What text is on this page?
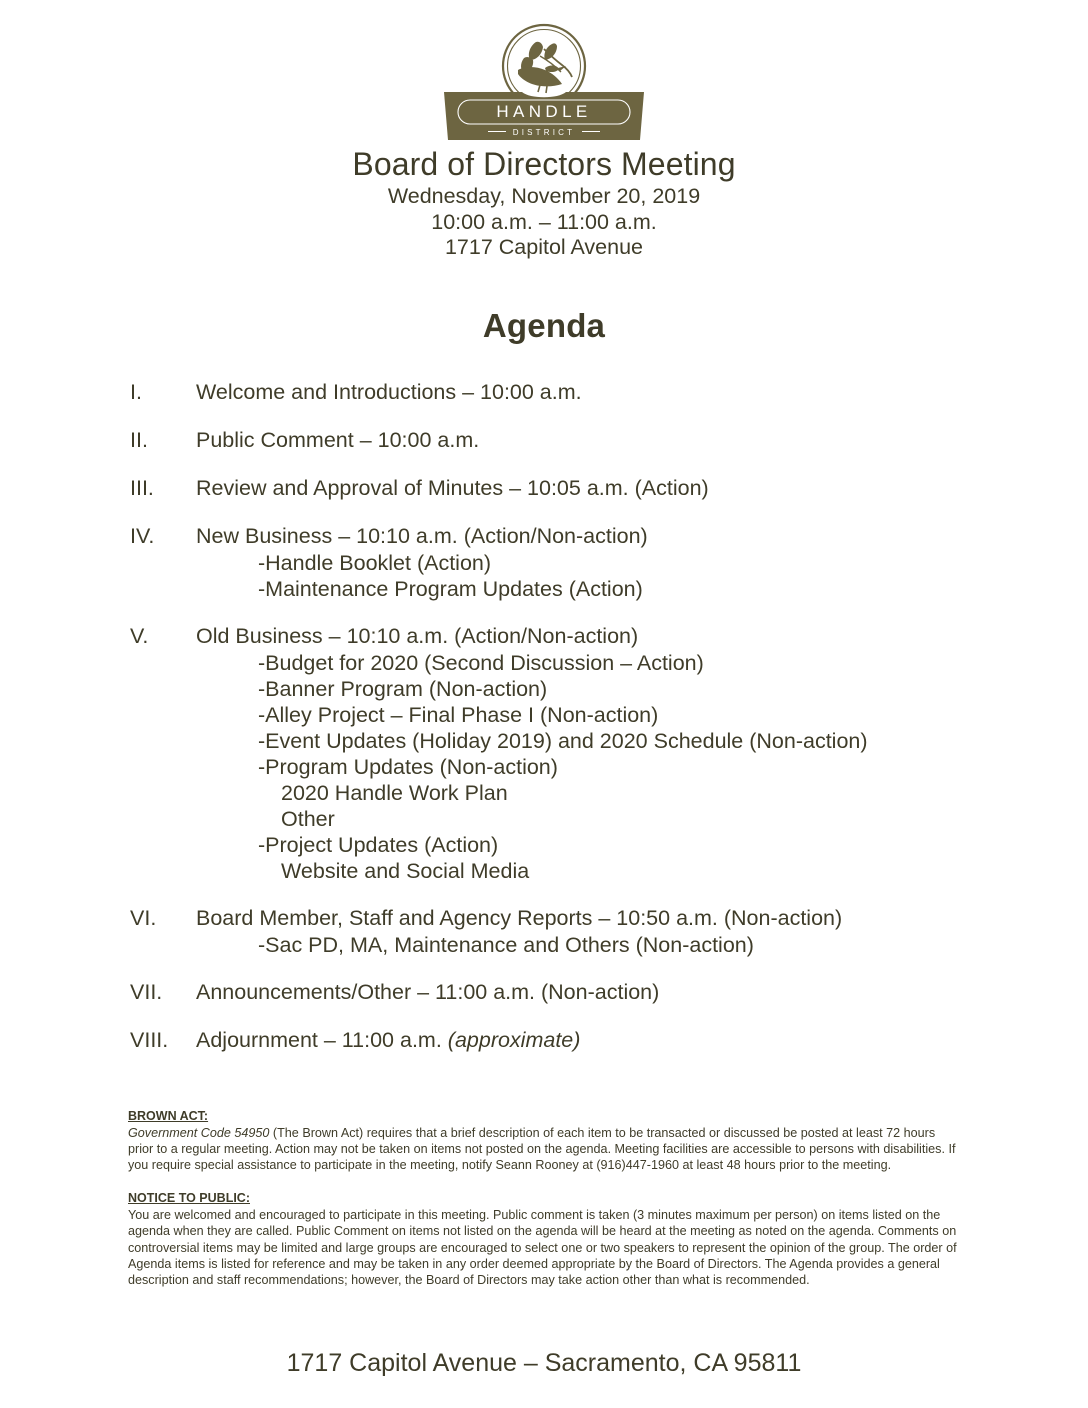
HANDLE
DISTRICT
Board of Directors Meeting
Wednesday, November 20, 2019
10:00 a.m. – 11:00 a.m.
1717 Capitol Avenue
Agenda
I.	Welcome and Introductions – 10:00 a.m.
II.	Public Comment – 10:00 a.m.
III.	Review and Approval of Minutes – 10:05 a.m. (Action)
IV.	New Business – 10:10 a.m. (Action/Non-action)
-Handle Booklet (Action)
-Maintenance Program Updates (Action)
V.	Old Business – 10:10 a.m. (Action/Non-action)
-Budget for 2020 (Second Discussion – Action)
-Banner Program (Non-action)
-Alley Project – Final Phase I (Non-action)
-Event Updates (Holiday 2019) and 2020 Schedule (Non-action)
-Program Updates (Non-action)
2020 Handle Work Plan
Other
-Project Updates (Action)
Website and Social Media
VI.	Board Member, Staff and Agency Reports – 10:50 a.m. (Non-action)
-Sac PD, MA, Maintenance and Others (Non-action)
VII.	Announcements/Other – 11:00 a.m. (Non-action)
VIII.	Adjournment – 11:00 a.m. (approximate)
BROWN ACT:
Government Code 54950 (The Brown Act) requires that a brief description of each item to be transacted or discussed be posted at least 72 hours prior to a regular meeting. Action may not be taken on items not posted on the agenda. Meeting facilities are accessible to persons with disabilities. If you require special assistance to participate in the meeting, notify Seann Rooney at (916)447-1960 at least 48 hours prior to the meeting.
NOTICE TO PUBLIC:
You are welcomed and encouraged to participate in this meeting. Public comment is taken (3 minutes maximum per person) on items listed on the agenda when they are called. Public Comment on items not listed on the agenda will be heard at the meeting as noted on the agenda. Comments on controversial items may be limited and large groups are encouraged to select one or two speakers to represent the opinion of the group. The order of Agenda items is listed for reference and may be taken in any order deemed appropriate by the Board of Directors. The Agenda provides a general description and staff recommendations; however, the Board of Directors may take action other than what is recommended.
1717 Capitol Avenue – Sacramento, CA 95811
